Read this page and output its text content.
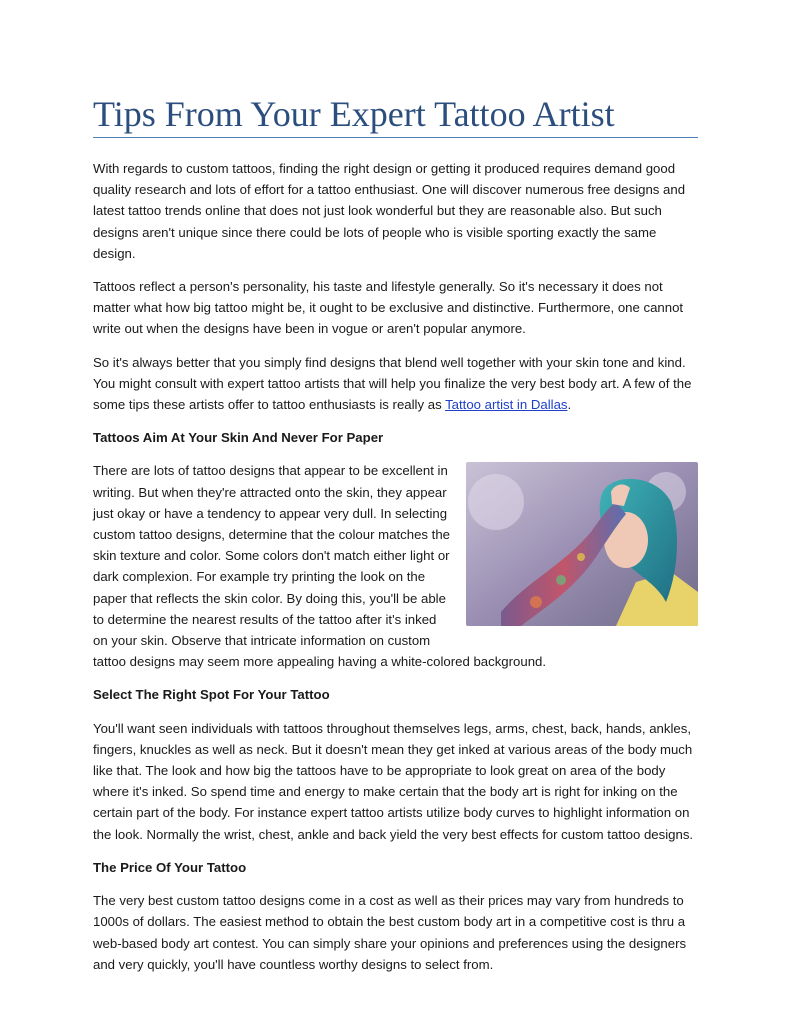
Tips From Your Expert Tattoo Artist

With regards to custom tattoos, finding the right design or getting it produced requires demand good quality research and lots of effort for a tattoo enthusiast. One will discover numerous free designs and latest tattoo trends online that does not just look wonderful but they are reasonable also. But such designs aren't unique since there could be lots of people who is visible sporting exactly the same design.

Tattoos reflect a person's personality, his taste and lifestyle generally. So it's necessary it does not matter what how big tattoo might be, it ought to be exclusive and distinctive. Furthermore, one cannot write out when the designs have been in vogue or aren't popular anymore.

So it's always better that you simply find designs that blend well together with your skin tone and kind. You might consult with expert tattoo artists that will help you finalize the very best body art. A few of the some tips these artists offer to tattoo enthusiasts is really as Tattoo artist in Dallas.

Tattoos Aim At Your Skin And Never For Paper

There are lots of tattoo designs that appear to be excellent in writing. But when they're attracted onto the skin, they appear just okay or have a tendency to appear very dull. In selecting custom tattoo designs, determine that the colour matches the skin texture and color. Some colors don't match either light or dark complexion. For example try printing the look on the paper that reflects the skin color. By doing this, you'll be able to determine the nearest results of the tattoo after it's inked on your skin. Observe that intricate information on custom tattoo designs may seem more appealing having a white-colored background.

Select The Right Spot For Your Tattoo

You'll want seen individuals with tattoos throughout themselves legs, arms, chest, back, hands, ankles, fingers, knuckles as well as neck. But it doesn't mean they get inked at various areas of the body much like that. The look and how big the tattoos have to be appropriate to look great on area of the body where it's inked. So spend time and energy to make certain that the body art is right for inking on the certain part of the body. For instance expert tattoo artists utilize body curves to highlight information on the look. Normally the wrist, chest, ankle and back yield the very best effects for custom tattoo designs.

The Price Of Your Tattoo

The very best custom tattoo designs come in a cost as well as their prices may vary from hundreds to 1000s of dollars. The easiest method to obtain the best custom body art in a competitive cost is thru a web-based body art contest. You can simply share your opinions and preferences using the designers and very quickly, you'll have countless worthy designs to select from.
